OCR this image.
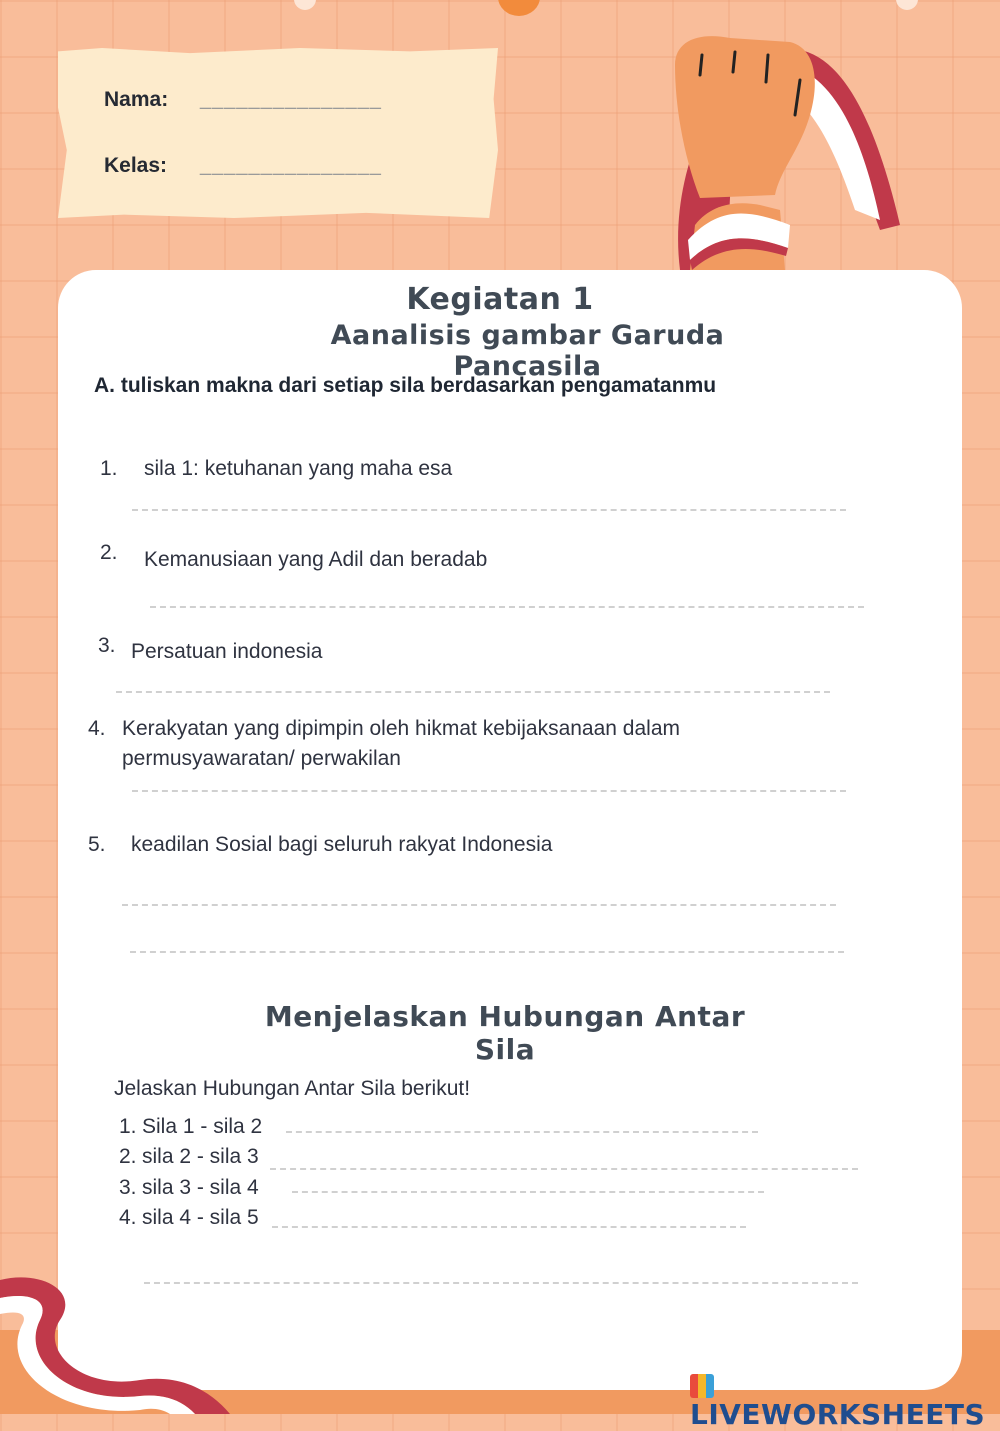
Nama: _______________
Kelas: _______________
Kegiatan 1
Aanalisis gambar Garuda Pancasila
A. tuliskan makna dari setiap sila berdasarkan pengamatanmu
1. sila 1: ketuhanan yang maha esa
2. Kemanusiaan yang Adil dan beradab
3. Persatuan indonesia
4. Kerakyatan yang dipimpin oleh hikmat kebijaksanaan dalam
permusyawaratan/ perwakilan
5. keadilan Sosial bagi seluruh rakyat Indonesia
Menjelaskan Hubungan Antar Sila
Jelaskan Hubungan Antar Sila berikut!
1. Sila 1 - sila 2
2. sila 2 - sila 3
3. sila 3 - sila 4
4. sila 4 - sila 5
LIVEWORKSHEETS
